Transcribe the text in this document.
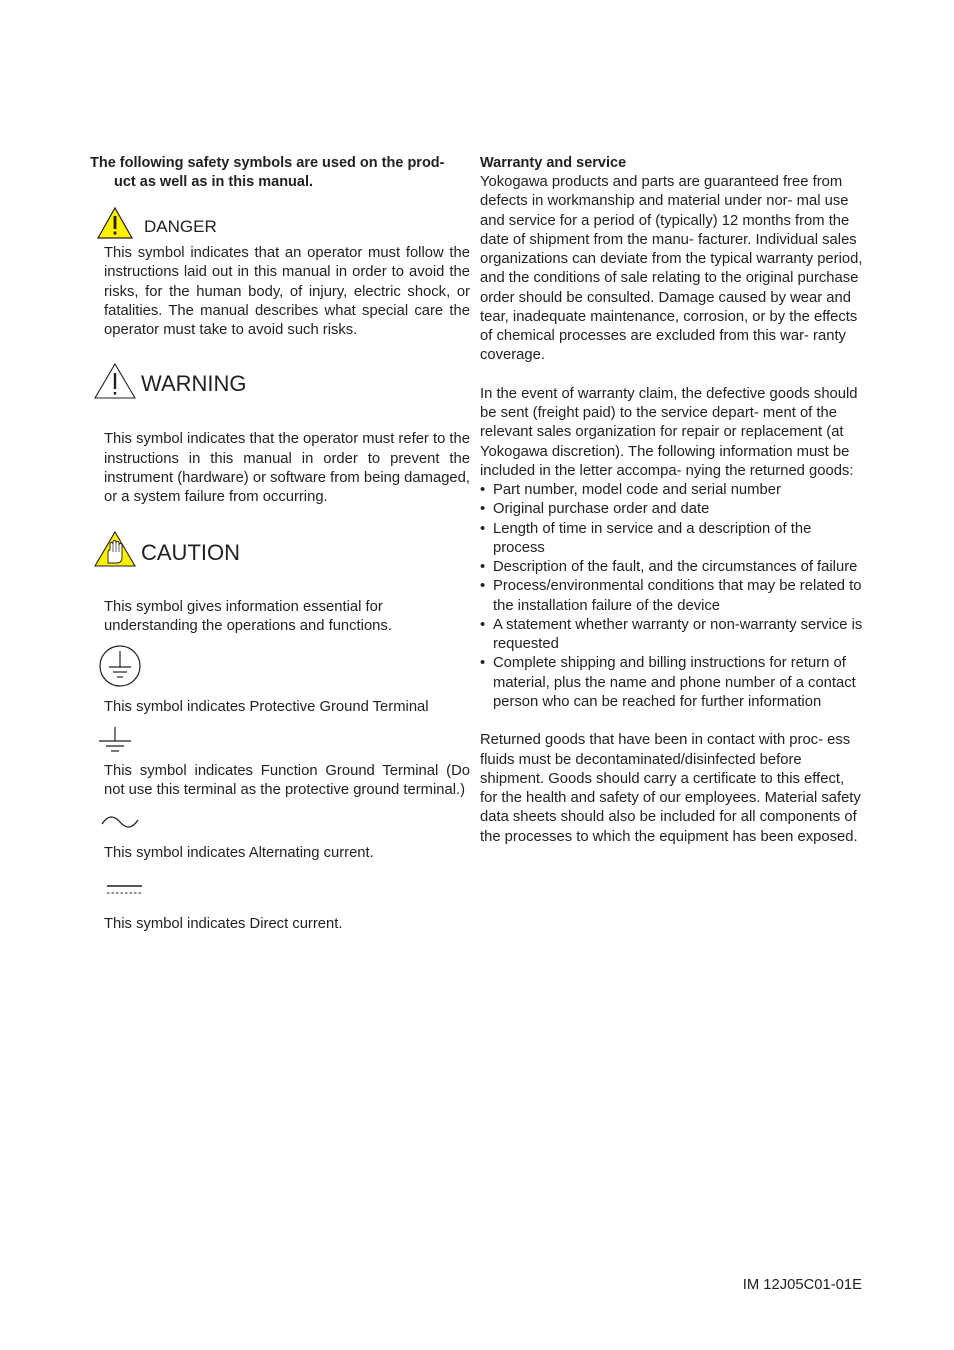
The following safety symbols are used on the prod- uct as well as in this manual.

DANGER

This symbol indicates that an operator must follow the instructions laid out in this manual in order to avoid the risks, for the human body, of injury, electric shock, or fatalities. The manual describes what special care the operator must take to avoid such risks.

WARNING

This symbol indicates that the operator must refer to the instructions in this manual in order to prevent the instrument (hardware) or software from being damaged, or a system failure from occurring.

CAUTION

This symbol gives information essential for understanding the operations and functions.

This symbol indicates Protective Ground Terminal

This symbol indicates Function Ground Terminal (Do not use this terminal as the protective ground terminal.)

This symbol indicates Alternating current.

This symbol indicates Direct current.

Warranty and service

Yokogawa products and parts are guaranteed free from defects in workmanship and material under nor- mal use and service for a period of (typically) 12 months from the date of shipment from the manu- facturer. Individual sales organizations can deviate from the typical warranty period, and the conditions of sale relating to the original purchase order should be consulted. Damage caused by wear and tear, inadequate maintenance, corrosion, or by the effects of chemical processes are excluded from this war- ranty coverage.

In the event of warranty claim, the defective goods should be sent (freight paid) to the service depart- ment of the relevant sales organization for repair or replacement (at Yokogawa discretion). The following information must be included in the letter accompa- nying the returned goods:

• Part number, model code and serial number
• Original purchase order and date
• Length of time in service and a description of the process
• Description of the fault, and the circumstances of failure
• Process/environmental conditions that may be related to the installation failure of the device
• A statement whether warranty or non-warranty service is requested
• Complete shipping and billing instructions for return of material, plus the name and phone number of a contact person who can be reached for further information

Returned goods that have been in contact with proc- ess fluids must be decontaminated/disinfected before shipment. Goods should carry a certificate to this effect, for the health and safety of our employees. Material safety data sheets should also be included for all components of the processes to which the equipment has been exposed.

IM 12J05C01-01E
